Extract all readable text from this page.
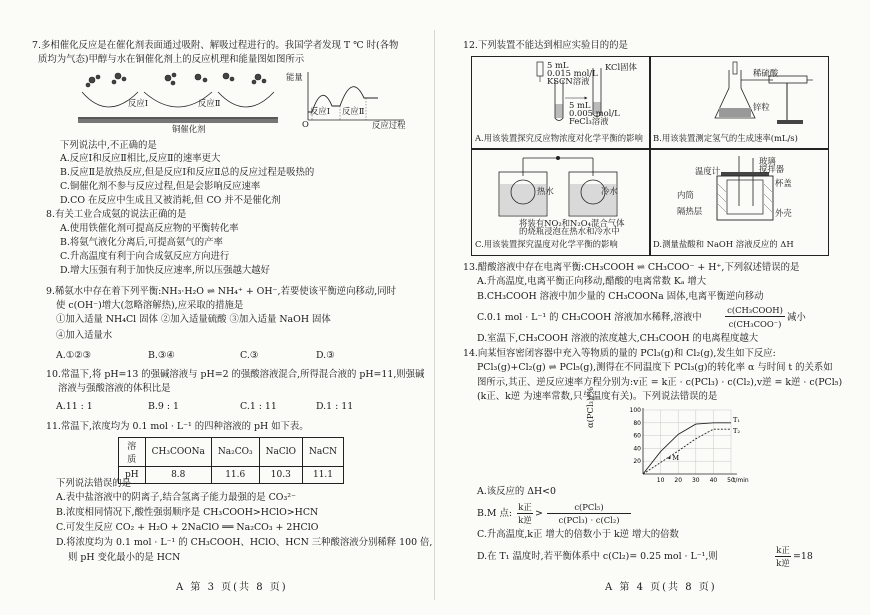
7.多相催化反应是在催化剂表面通过吸附、解吸过程进行的。我国学者发现 T ℃ 时(各物
质均为气态)甲醇与水在铜催化剂上的反应机理和能量图如图所示
反应Ⅰ	反应Ⅱ
铜催化剂
能量
O	反应过程
反应Ⅰ 反应Ⅱ
下列说法中,不正确的是
A.反应Ⅰ和反应Ⅱ相比,反应Ⅱ的速率更大
B.反应Ⅱ是放热反应,但是反应Ⅰ和反应Ⅱ总的反应过程是吸热的
C.铜催化剂不参与反应过程,但是会影响反应速率
D.CO 在反应中生成且又被消耗,但 CO 并不是催化剂
8.有关工业合成氨的说法正确的是
A.使用铁催化剂可提高反应物的平衡转化率
B.将氨气液化分离后,可提高氨气的产率
C.升高温度有利于向合成氨反应方向进行
D.增大压强有利于加快反应速率,所以压强越大越好
9.稀氨水中存在着下列平衡:NH₃·H₂O ⇌ NH₄⁺ + OH⁻,若要使该平衡逆向移动,同时
使 c(OH⁻)增大(忽略溶解热),应采取的措施是
①加入适量 NH₄Cl 固体 ②加入适量硫酸 ③加入适量 NaOH 固体
④加入适量水
A.①②③	B.③④	C.③	D.③
10.常温下,将 pH=13 的强碱溶液与 pH=2 的强酸溶液混合,所得混合液的 pH=11,则强碱
溶液与强酸溶液的体积比是
A.11 : 1	B.9 : 1	C.1 : 11	D.1 : 11
11.常温下,浓度均为 0.1 mol · L⁻¹ 的四种溶液的 pH 如下表。
溶质	CH₃COONa	Na₂CO₃	NaClO	NaCN
pH	8.8	11.6	10.3	11.1
下列说法错误的是
A.表中盐溶液中的阴离子,结合氢离子能力最强的是 CO₃²⁻
B.浓度相同情况下,酸性强弱顺序是 CH₃COOH>HClO>HCN
C.可发生反应 CO₂ + H₂O + 2NaClO ══ Na₂CO₃ + 2HClO
D.将浓度均为 0.1 mol · L⁻¹ 的 CH₃COOH、HClO、HCN 三种酸溶液分别稀释 100 倍,
则 pH 变化最小的是 HCN
A 第 3 页(共 8 页)
12.下列装置不能达到相应实验目的的是
5 mL
0.015 mol/L
KSCN溶液
KCl固体
5 mL
0.005 mol/L
FeCl₃溶液
A.用该装置探究反应物浓度对化学平衡的影响
稀硫酸
锌粒
B.用该装置测定氢气的生成速率(mL/s)
热水	冷水
将装有NO₂和N₂O₄混合气体
的烧瓶浸泡在热水和冷水中
C.用该装置探究温度对化学平衡的影响
温度计
玻璃
搅拌器
杯盖
内筒
隔热层	外壳
D.测量盐酸和 NaOH 溶液反应的 ΔH
13.醋酸溶液中存在电离平衡:CH₃COOH ⇌ CH₃COO⁻ + H⁺,下列叙述错误的是
A.升高温度,电离平衡正向移动,醋酸的电离常数 Kₐ 增大
B.CH₃COOH 溶液中加少量的 CH₃COONa 固体,电离平衡逆向移动
C.0.1 mol · L⁻¹ 的 CH₃COOH 溶液加水稀释,溶液中
c(CH₃COOH)
c(CH₃COO⁻)
减小
D.室温下,CH₃COOH 溶液的浓度越大,CH₃COOH 的电离程度越大
14.向某恒容密闭容器中充入等物质的量的 PCl₃(g)和 Cl₂(g),发生如下反应:
PCl₃(g)+Cl₂(g) ⇌ PCl₅(g),测得在不同温度下 PCl₃(g)的转化率 α 与时间 t 的关系如
图所示,其正、逆反应速率方程分别为:v正 = k正 · c(PCl₃) · c(Cl₂),v逆 = k逆 · c(PCl₅)
(k正、k逆 为速率常数,只与温度有关)。下列说法错误的是
20
40
60
80
100
10 20 30 40 50
t/min
T₁
T₂
M
α(PCl₃)/%
A.该反应的 ΔH<0
B.M 点:
k正
k逆
>
c(PCl₅)
c(PCl₃) · c(Cl₂)
C.升高温度,k正 增大的倍数小于 k逆 增大的倍数
D.在 T₁ 温度时,若平衡体系中 c(Cl₂)= 0.25 mol · L⁻¹,则
k正
k逆
=18
A 第 4 页(共 8 页)
